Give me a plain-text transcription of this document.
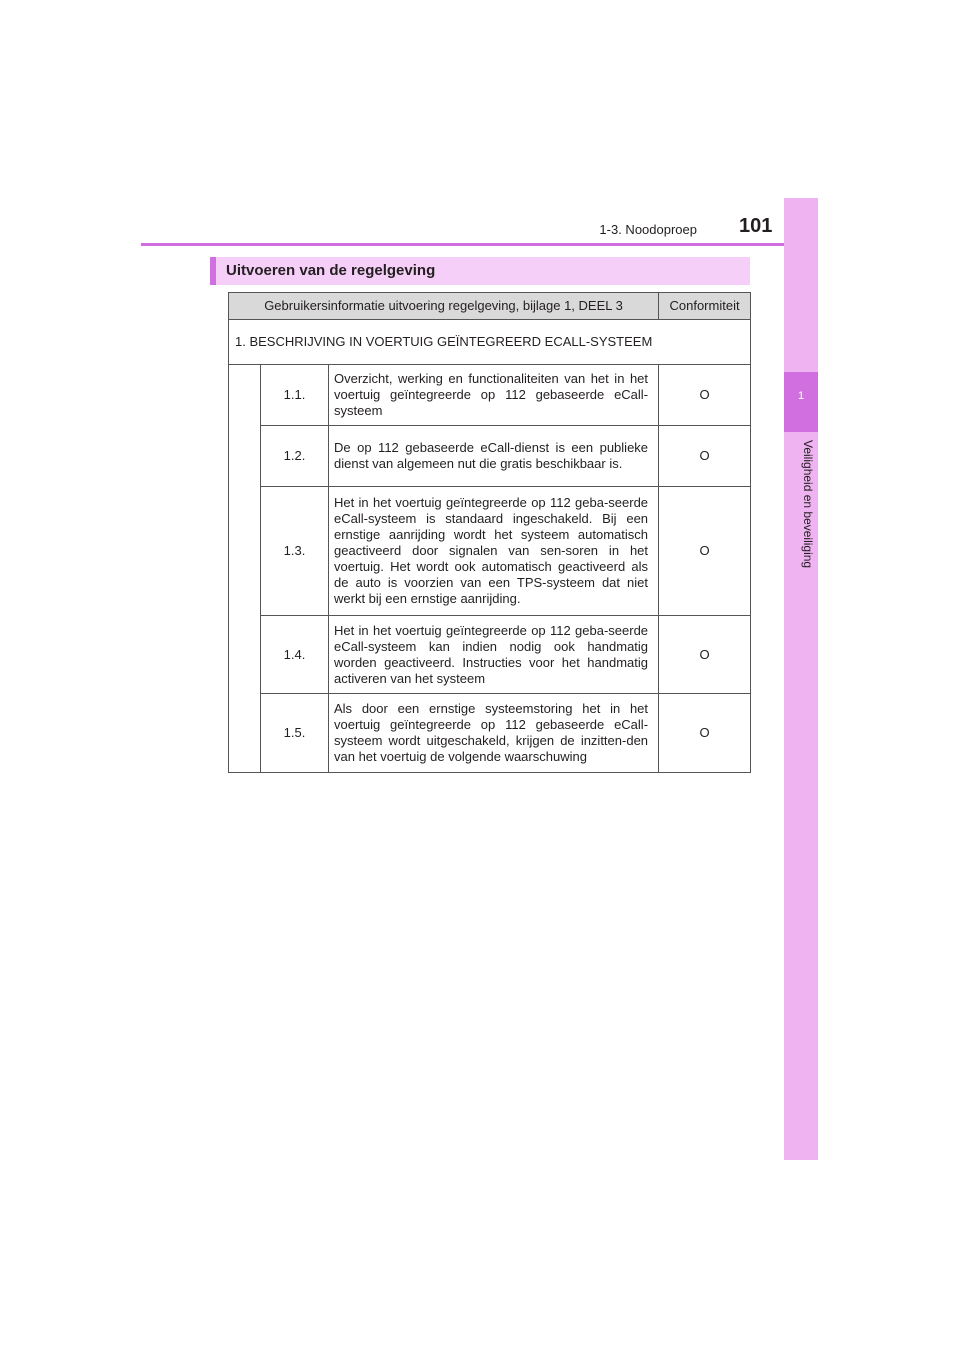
1-3. Noodoproep 101
1
Veiligheid en beveiliging
Uitvoeren van de regelgeving
Gebruikersinformatie uitvoering regelgeving, bijlage 1, DEEL 3			Conformiteit
1. BESCHRIJVING IN VOERTUIG GEÏNTEGREERD ECALL-SYSTEEM			
	1.1.	Overzicht, werking en functionaliteiten van het in het voertuig geïntegreerde op 112 gebaseerde eCall-systeem	O
	1.2.	De op 112 gebaseerde eCall-dienst is een publieke dienst van algemeen nut die gratis beschikbaar is.	O
	1.3.	Het in het voertuig geïntegreerde op 112 geba-seerde eCall-systeem is standaard ingeschakeld. Bij een ernstige aanrijding wordt het systeem automatisch geactiveerd door signalen van sen-soren in het voertuig. Het wordt ook automatisch geactiveerd als de auto is voorzien van een TPS-systeem dat niet werkt bij een ernstige aanrijding.	O
	1.4.	Het in het voertuig geïntegreerde op 112 geba-seerde eCall-systeem kan indien nodig ook handmatig worden geactiveerd. Instructies voor het handmatig activeren van het systeem	O
	1.5.	Als door een ernstige systeemstoring het in het voertuig geïntegreerde op 112 gebaseerde eCall-systeem wordt uitgeschakeld, krijgen de inzitten-den van het voertuig de volgende waarschuwing	O
